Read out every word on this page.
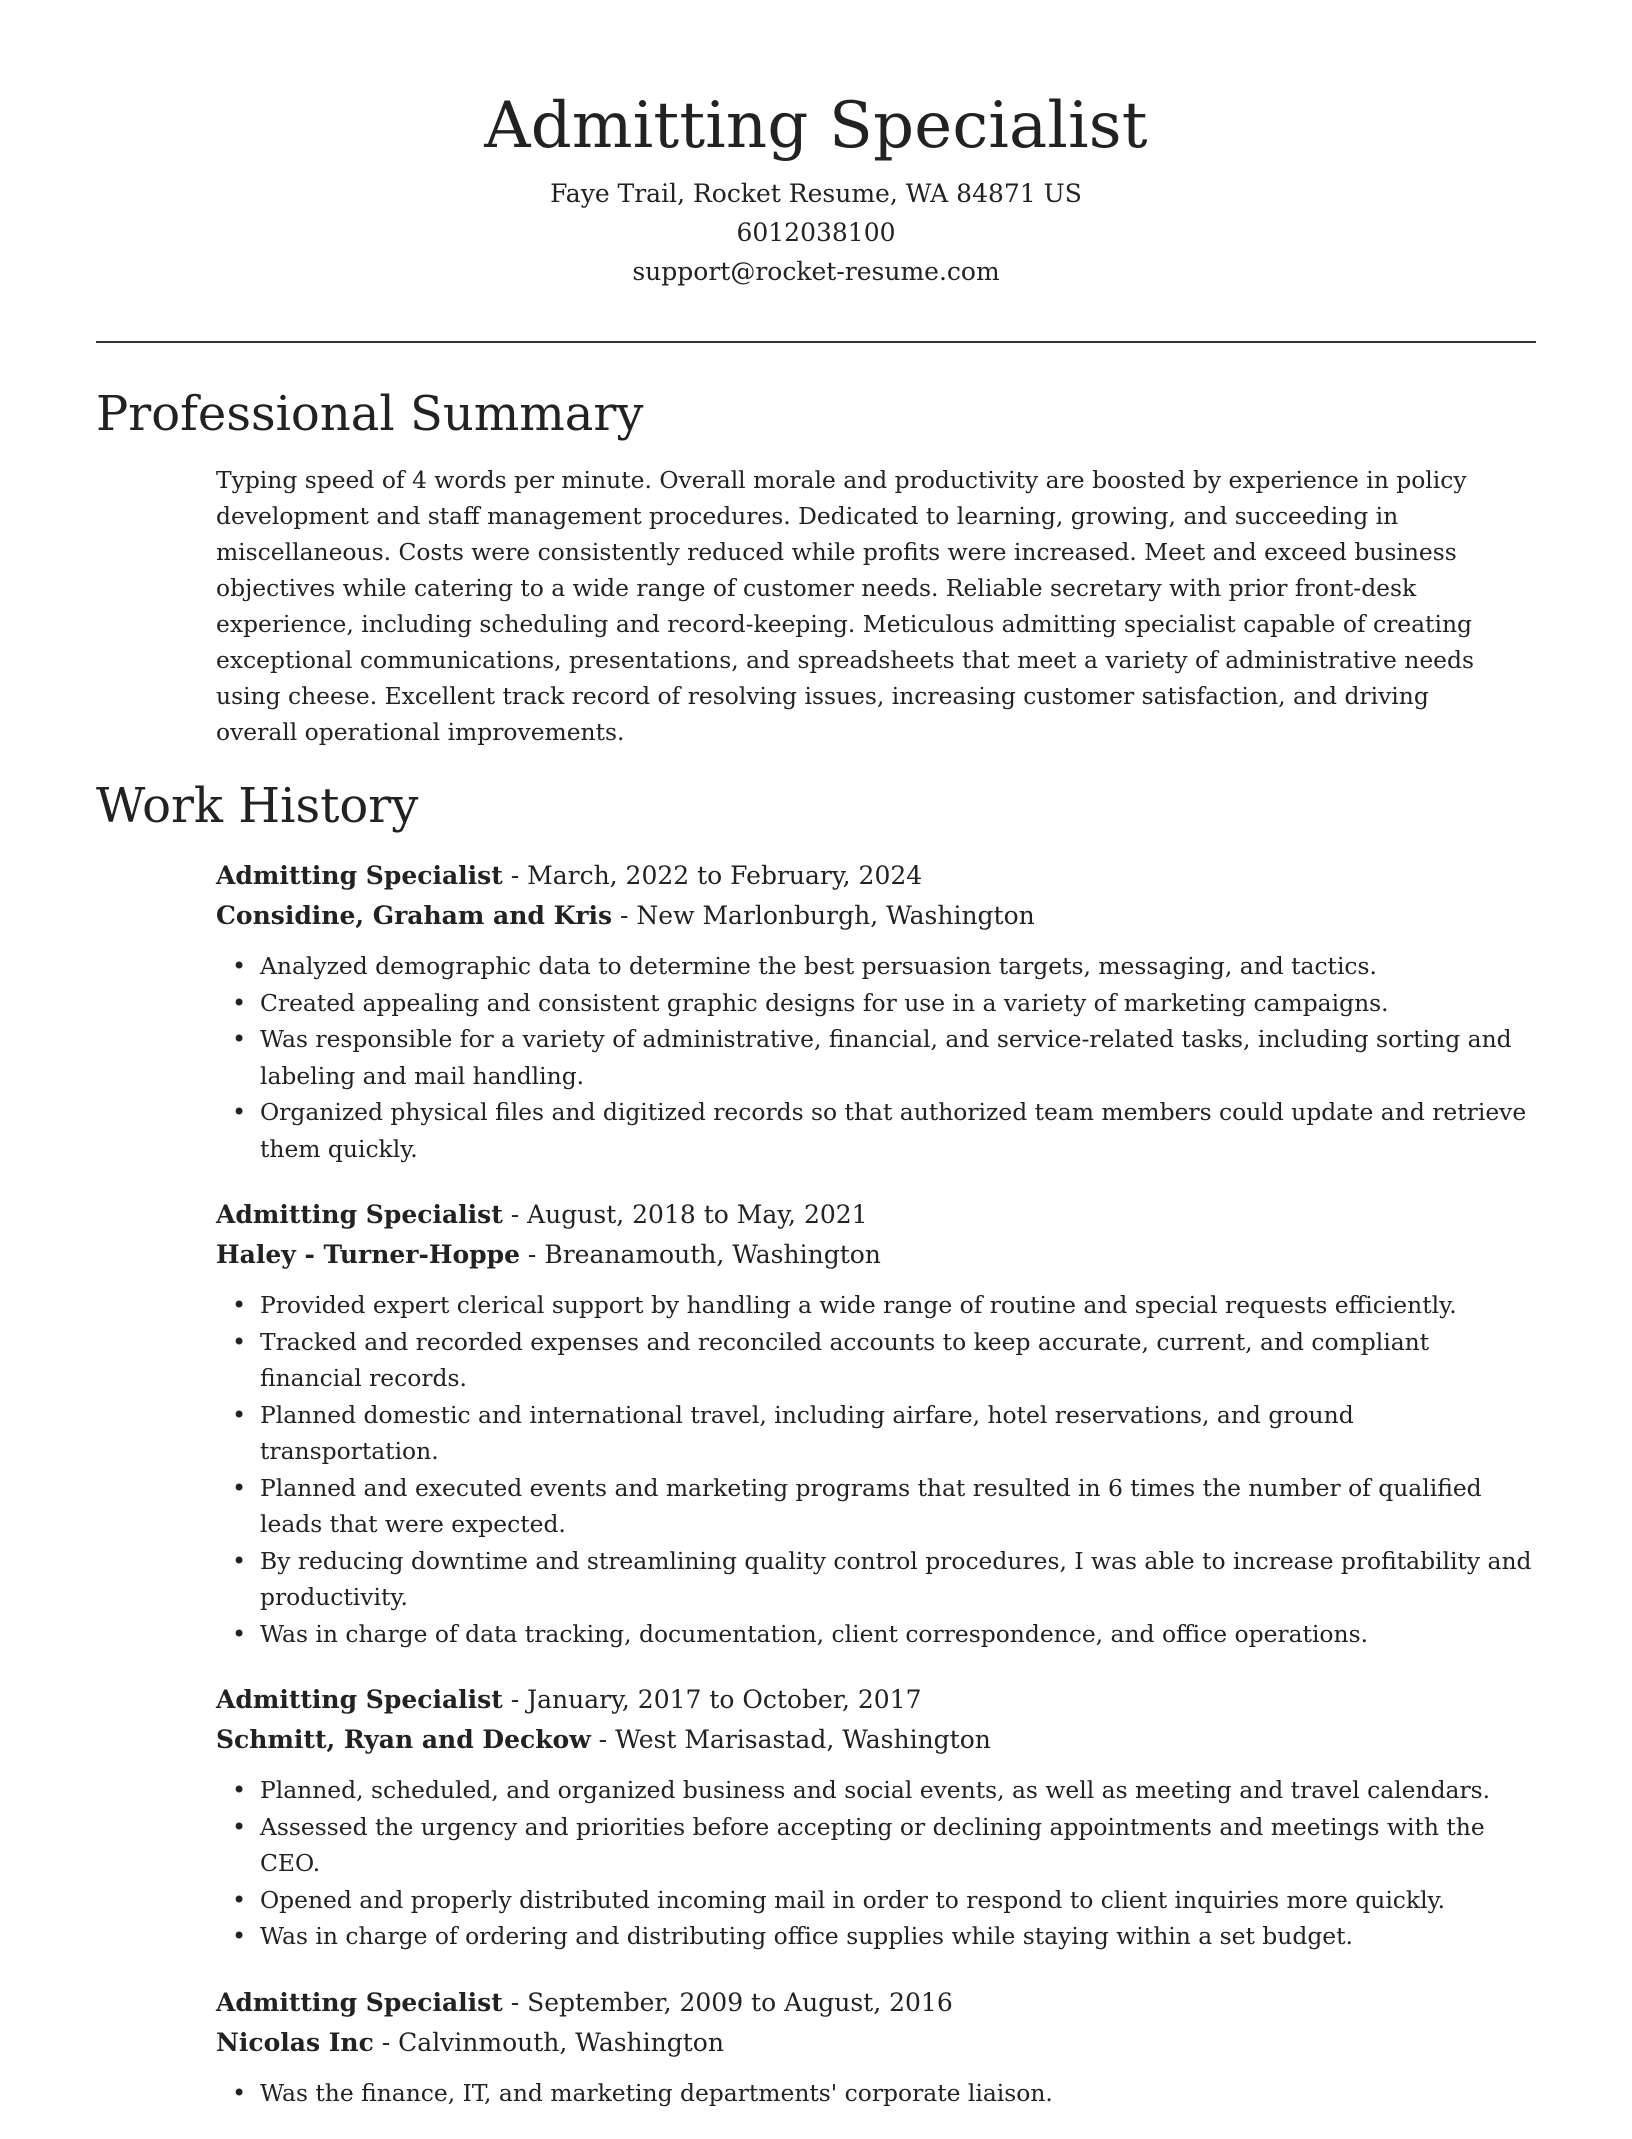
Admitting Specialist
Faye Trail, Rocket Resume, WA 84871 US
6012038100
support@rocket-resume.com
Professional Summary

Typing speed of 4 words per minute. Overall morale and productivity are boosted by experience in policy development and staff management procedures. Dedicated to learning, growing, and succeeding in miscellaneous. Costs were consistently reduced while profits were increased. Meet and exceed business objectives while catering to a wide range of customer needs. Reliable secretary with prior front-desk experience, including scheduling and record-keeping. Meticulous admitting specialist capable of creating exceptional communications, presentations, and spreadsheets that meet a variety of administrative needs using cheese. Excellent track record of resolving issues, increasing customer satisfaction, and driving overall operational improvements.

Work History
Admitting Specialist - March, 2022 to February, 2024
Considine, Graham and Kris - New Marlonburgh, Washington
• Analyzed demographic data to determine the best persuasion targets, messaging, and tactics.
• Created appealing and consistent graphic designs for use in a variety of marketing campaigns.
• Was responsible for a variety of administrative, financial, and service-related tasks, including sorting and labeling and mail handling.
• Organized physical files and digitized records so that authorized team members could update and retrieve them quickly.
Admitting Specialist - August, 2018 to May, 2021
Haley - Turner-Hoppe - Breanamouth, Washington
• Provided expert clerical support by handling a wide range of routine and special requests efficiently.
• Tracked and recorded expenses and reconciled accounts to keep accurate, current, and compliant financial records.
• Planned domestic and international travel, including airfare, hotel reservations, and ground transportation.
• Planned and executed events and marketing programs that resulted in 6 times the number of qualified leads that were expected.
• By reducing downtime and streamlining quality control procedures, I was able to increase profitability and productivity.
• Was in charge of data tracking, documentation, client correspondence, and office operations.
Admitting Specialist - January, 2017 to October, 2017
Schmitt, Ryan and Deckow - West Marisastad, Washington
• Planned, scheduled, and organized business and social events, as well as meeting and travel calendars.
• Assessed the urgency and priorities before accepting or declining appointments and meetings with the CEO.
• Opened and properly distributed incoming mail in order to respond to client inquiries more quickly.
• Was in charge of ordering and distributing office supplies while staying within a set budget.
Admitting Specialist - September, 2009 to August, 2016
Nicolas Inc - Calvinmouth, Washington
• Was the finance, IT, and marketing departments' corporate liaison.
